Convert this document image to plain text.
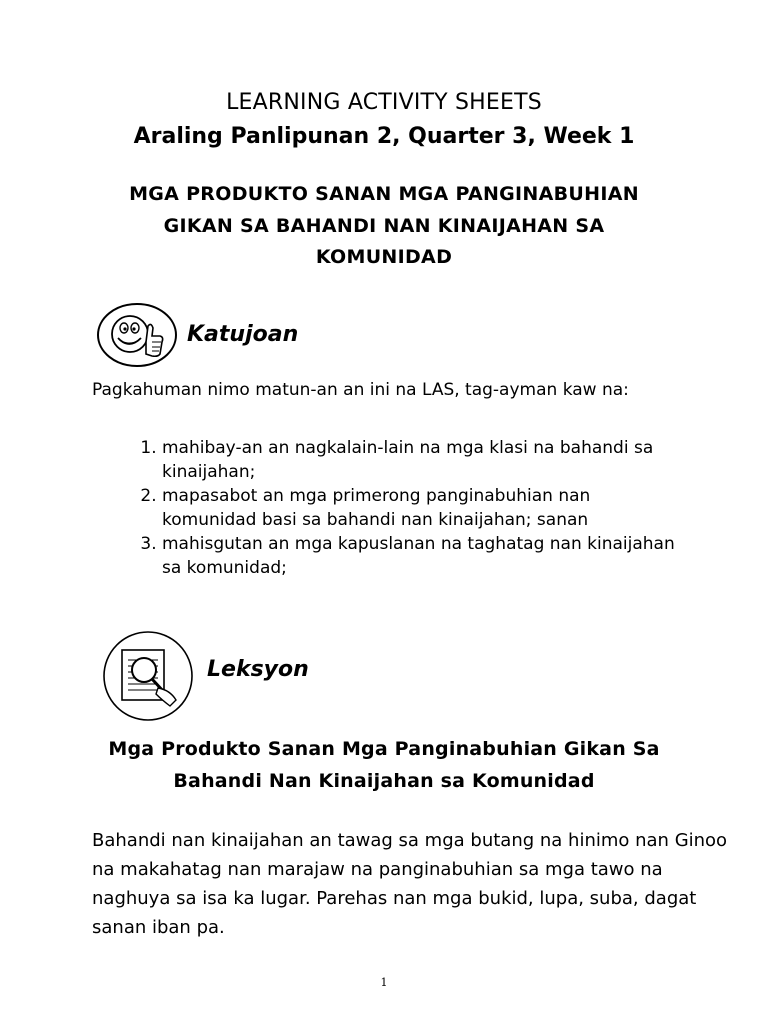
LEARNING ACTIVITY SHEETS
Araling Panlipunan 2, Quarter 3, Week 1
MGA PRODUKTO SANAN MGA PANGINABUHIAN
GIKAN SA BAHANDI NAN KINAIJAHAN SA
KOMUNIDAD
Katujoan
Pagkahuman nimo matun-an an ini na LAS, tag-ayman kaw na:
1. mahibay-an an nagkalain-lain na mga klasi na bahandi sa kinaijahan;
2. mapasabot an mga primerong panginabuhian nan komunidad basi sa bahandi nan kinaijahan; sanan
3. mahisgutan an mga kapuslanan na taghatag nan kinaijahan sa komunidad;
Leksyon
Mga Produkto Sanan Mga Panginabuhian Gikan Sa
Bahandi Nan Kinaijahan sa Komunidad
Bahandi nan kinaijahan an tawag sa mga butang na hinimo nan Ginoo na makahatag nan marajaw na panginabuhian sa mga tawo na naghuya sa isa ka lugar. Parehas nan mga bukid, lupa, suba, dagat sanan iban pa.
1
